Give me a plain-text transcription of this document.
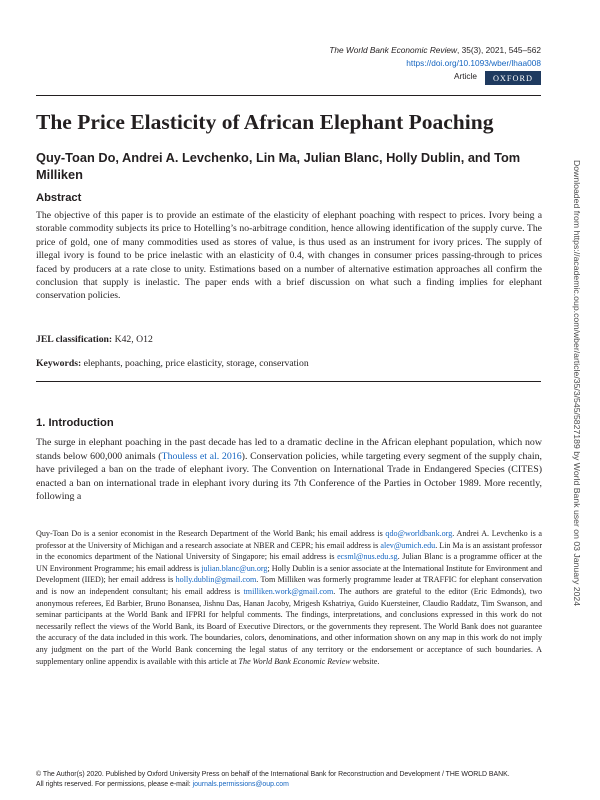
The World Bank Economic Review, 35(3), 2021, 545–562
https://doi.org/10.1093/wber/lhaa008
Article	OXFORD
The Price Elasticity of African Elephant Poaching

Quy-Toan Do, Andrei A. Levchenko, Lin Ma, Julian Blanc, Holly Dublin, and Tom Milliken

Abstract

The objective of this paper is to provide an estimate of the elasticity of elephant poaching with respect to prices. Ivory being a storable commodity subjects its price to Hotelling’s no-arbitrage condition, hence allowing identification of the supply curve. The price of gold, one of many commodities used as stores of value, is thus used as an instrument for ivory prices. The supply of illegal ivory is found to be price inelastic with an elasticity of 0.4, with changes in consumer prices passing-through to prices faced by producers at a rate close to unity. Estimations based on a number of alternative estimation approaches all confirm the conclusion that supply is inelastic. The paper ends with a brief discussion on what such a finding implies for elephant conservation policies.

JEL classification: K42, O12

Keywords: elephants, poaching, price elasticity, storage, conservation

1. Introduction

The surge in elephant poaching in the past decade has led to a dramatic decline in the African elephant population, which now stands below 600,000 animals (Thouless et al. 2016). Conservation policies, while targeting every segment of the supply chain, have privileged a ban on the trade of elephant ivory. The Convention on International Trade in Endangered Species (CITES) enacted a ban on international trade in elephant ivory during its 7th Conference of the Parties in October 1989. More recently, following a

Quy-Toan Do is a senior economist in the Research Department of the World Bank; his email address is qdo@worldbank.org. Andrei A. Levchenko is a professor at the University of Michigan and a research associate at NBER and CEPR; his email address is alev@umich.edu. Lin Ma is an assistant professor in the economics department of the National University of Singapore; his email address is ecsml@nus.edu.sg. Julian Blanc is a programme officer at the UN Environment Programme; his email address is julian.blanc@un.org; Holly Dublin is a senior associate at the International Institute for Environment and Development (IIED); her email address is holly.dublin@gmail.com. Tom Milliken was formerly programme leader at TRAFFIC for elephant conservation and is now an independent consultant; his email address is tmilliken.work@gmail.com. The authors are grateful to the editor (Eric Edmonds), two anonymous referees, Ed Barbier, Bruno Bonansea, Jishnu Das, Hanan Jacoby, Mrigesh Kshatriya, Guido Kuersteiner, Claudio Raddatz, Tim Swanson, and seminar participants at the World Bank and IFPRI for helpful comments. The findings, interpretations, and conclusions expressed in this work do not necessarily reflect the views of the World Bank, its Board of Executive Directors, or the governments they represent. The World Bank does not guarantee the accuracy of the data included in this work. The boundaries, colors, denominations, and other information shown on any map in this work do not imply any judgment on the part of the World Bank concerning the legal status of any territory or the endorsement or acceptance of such boundaries. A supplementary online appendix is available with this article at The World Bank Economic Review website.

© The Author(s) 2020. Published by Oxford University Press on behalf of the International Bank for Reconstruction and Development / THE WORLD BANK.
All rights reserved. For permissions, please e-mail: journals.permissions@oup.com
Downloaded from https://academic.oup.com/wber/article/35/3/545/5827189 by World Bank user on 03 January 2024
